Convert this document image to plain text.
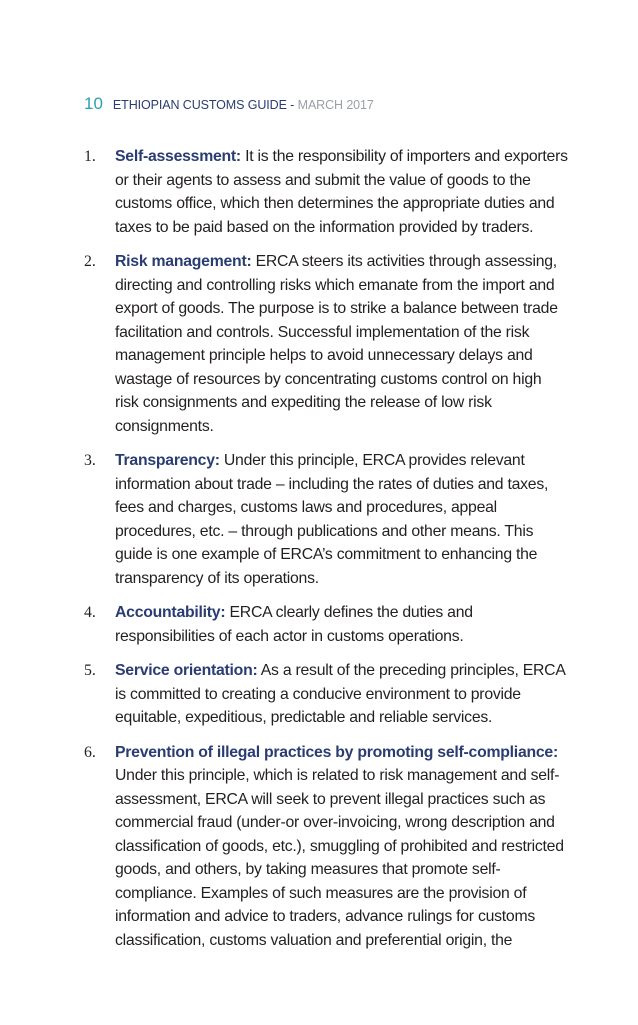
10 ETHIOPIAN CUSTOMS GUIDE - MARCH 2017
1.	Self-assessment: It is the responsibility of importers and exporters or their agents to assess and submit the value of goods to the customs office, which then determines the appropriate duties and taxes to be paid based on the information provided by traders.
2.	Risk management: ERCA steers its activities through assessing, directing and controlling risks which emanate from the import and export of goods. The purpose is to strike a balance between trade facilitation and controls. Successful implementation of the risk management principle helps to avoid unnecessary delays and wastage of resources by concentrating customs control on high risk consignments and expediting the release of low risk consignments.
3.	Transparency: Under this principle, ERCA provides relevant information about trade – including the rates of duties and taxes, fees and charges, customs laws and procedures, appeal procedures, etc. – through publications and other means. This guide is one example of ERCA’s commitment to enhancing the transparency of its operations.
4.	Accountability: ERCA clearly defines the duties and responsibilities of each actor in customs operations.
5.	Service orientation: As a result of the preceding principles, ERCA is committed to creating a conducive environment to provide equitable, expeditious, predictable and reliable services.
6.	Prevention of illegal practices by promoting self-compliance: Under this principle, which is related to risk management and self-assessment, ERCA will seek to prevent illegal practices such as commercial fraud (under-or over-invoicing, wrong description and classification of goods, etc.), smuggling of prohibited and restricted goods, and others, by taking measures that promote self-compliance. Examples of such measures are the provision of information and advice to traders, advance rulings for customs classification, customs valuation and preferential origin, the
